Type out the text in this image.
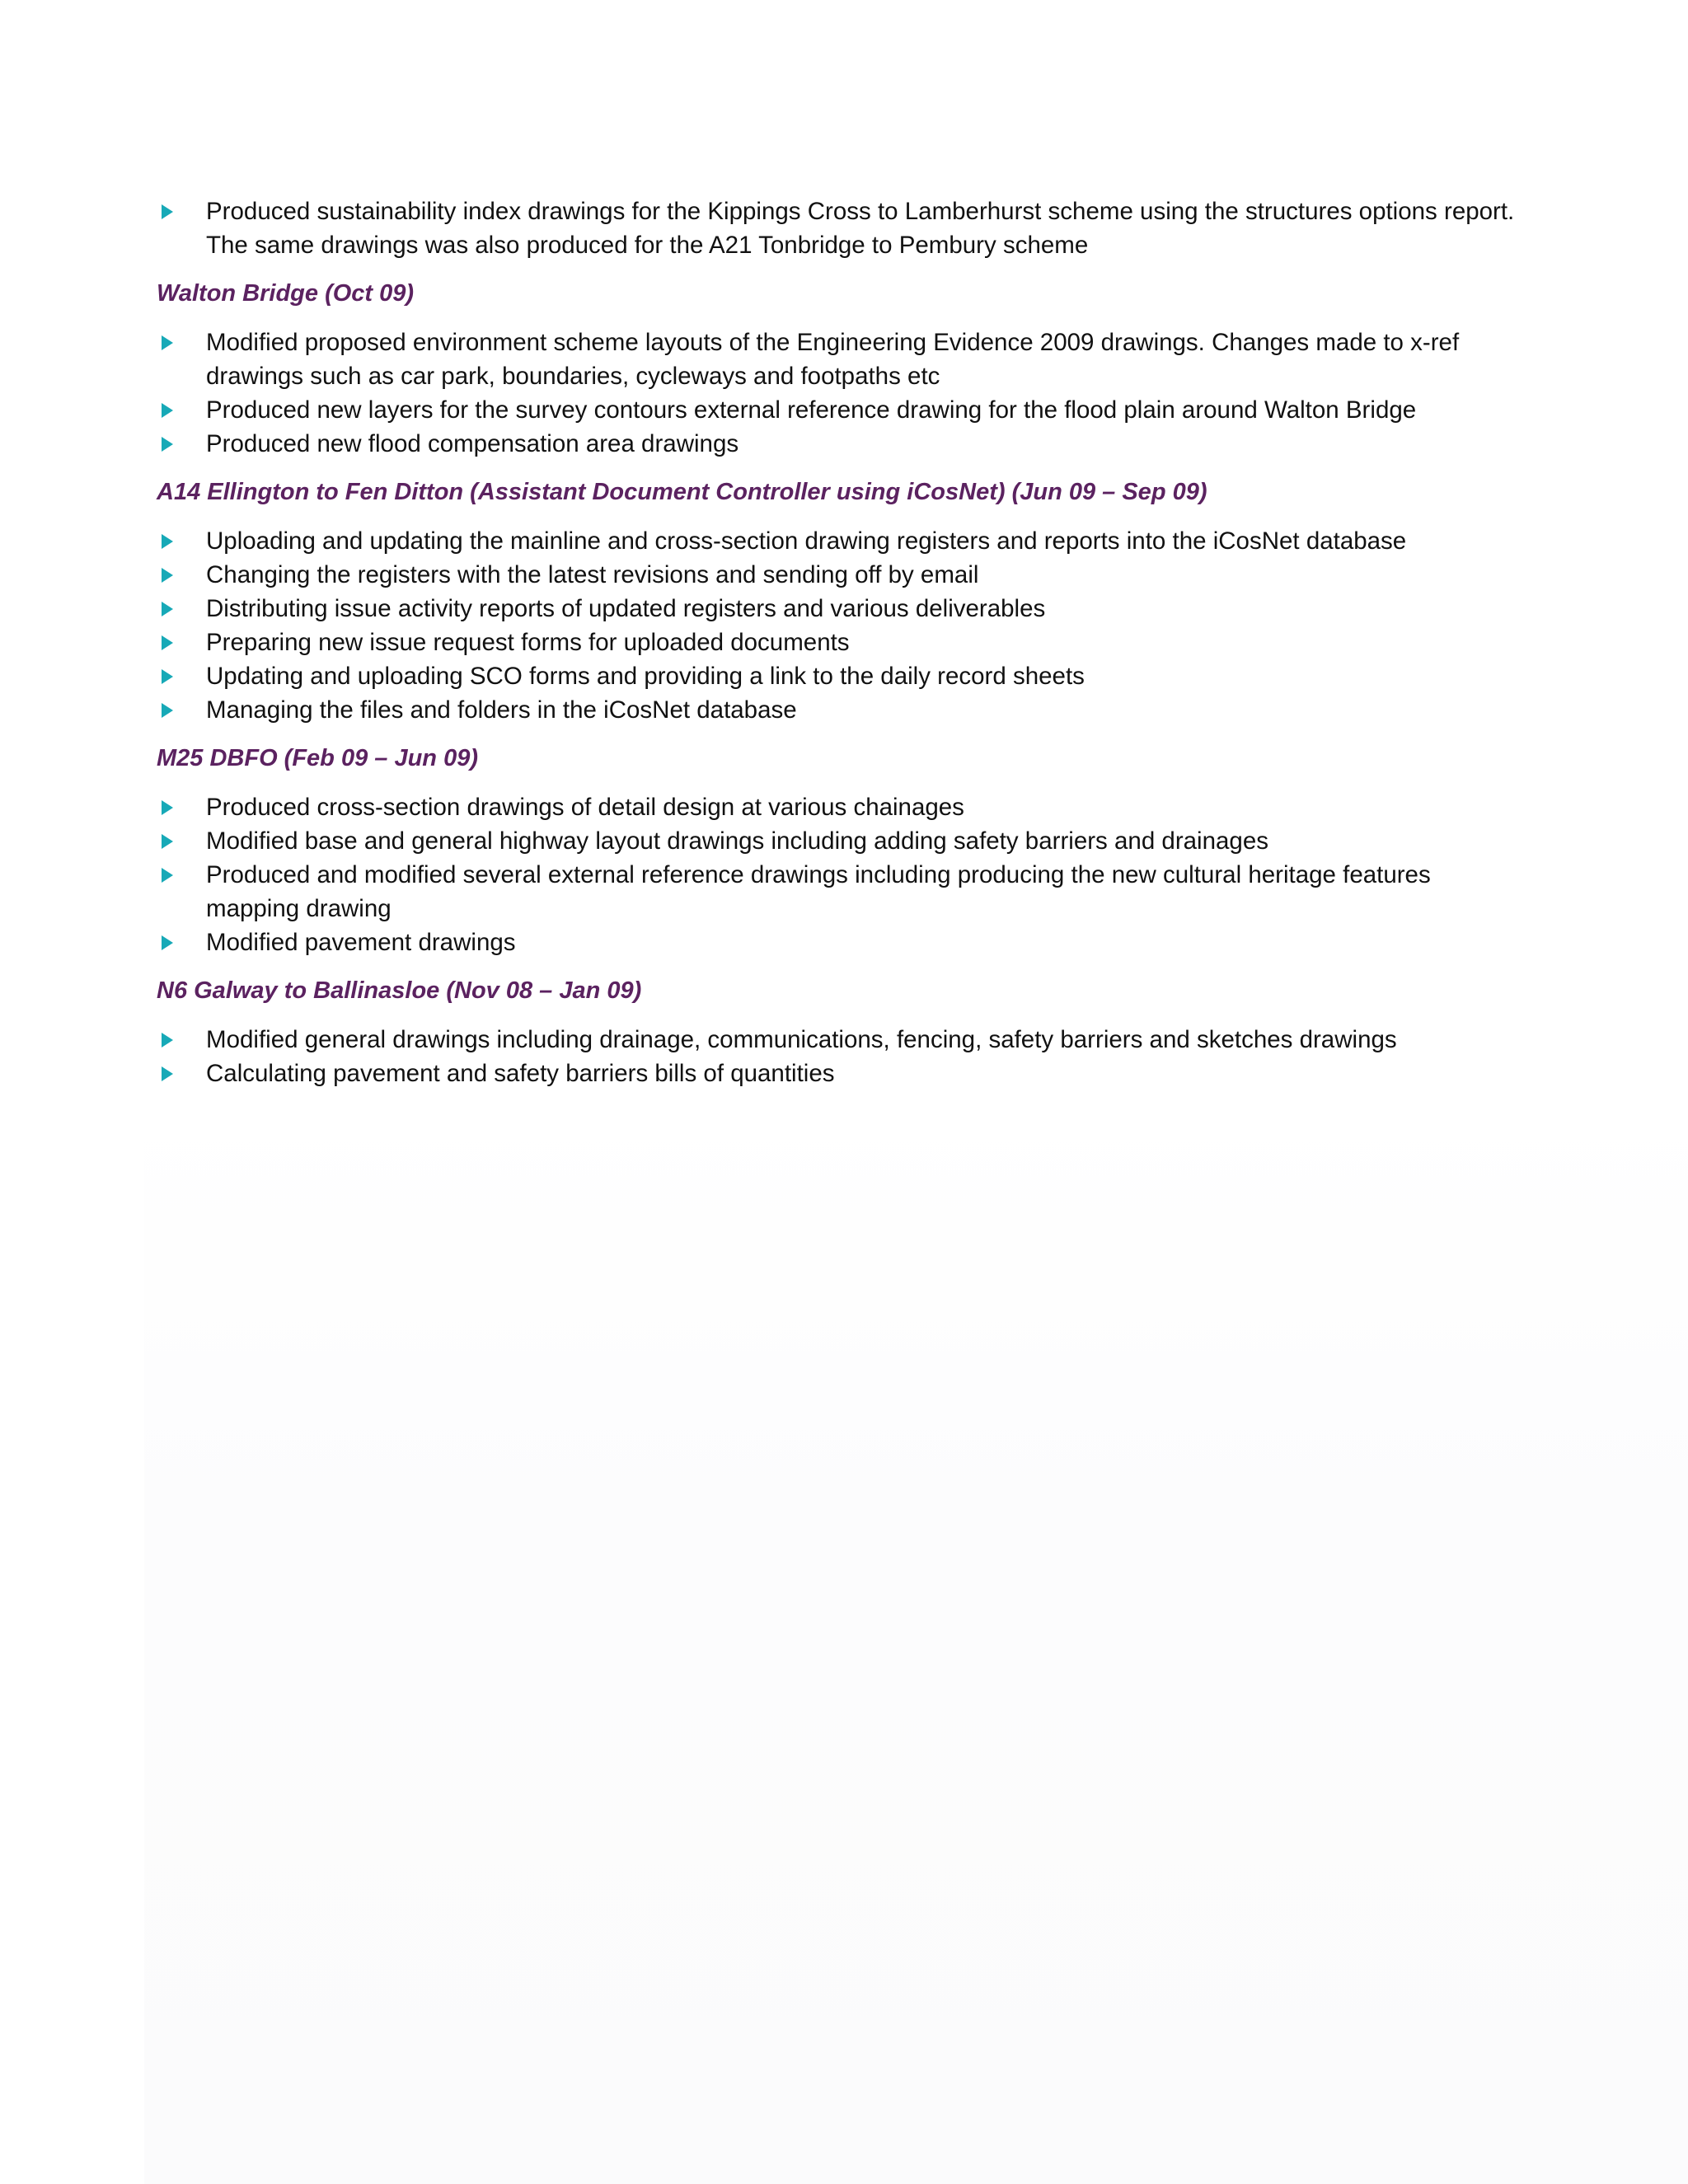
Produced sustainability index drawings for the Kippings Cross to Lamberhurst scheme using the structures options report. The same drawings was also produced for the A21 Tonbridge to Pembury scheme
Walton Bridge (Oct 09)
Modified proposed environment scheme layouts of the Engineering Evidence 2009 drawings. Changes made to x-ref drawings such as car park, boundaries, cycleways and footpaths etc
Produced new layers for the survey contours external reference drawing for the flood plain around Walton Bridge
Produced new flood compensation area drawings
A14 Ellington to Fen Ditton (Assistant Document Controller using iCosNet) (Jun 09 – Sep 09)
Uploading and updating the mainline and cross-section drawing registers and reports into the iCosNet database
Changing the registers with the latest revisions and sending off by email
Distributing issue activity reports of updated registers and various deliverables
Preparing new issue request forms for uploaded documents
Updating and uploading SCO forms and providing a link to the daily record sheets
Managing the files and folders in the iCosNet database
M25 DBFO (Feb 09 – Jun 09)
Produced cross-section drawings of detail design at various chainages
Modified base and general highway layout drawings including adding safety barriers and drainages
Produced and modified several external reference drawings including producing the new cultural heritage features mapping drawing
Modified pavement drawings
N6 Galway to Ballinasloe (Nov 08 – Jan 09)
Modified general drawings including drainage, communications, fencing, safety barriers and sketches drawings
Calculating pavement and safety barriers bills of quantities
